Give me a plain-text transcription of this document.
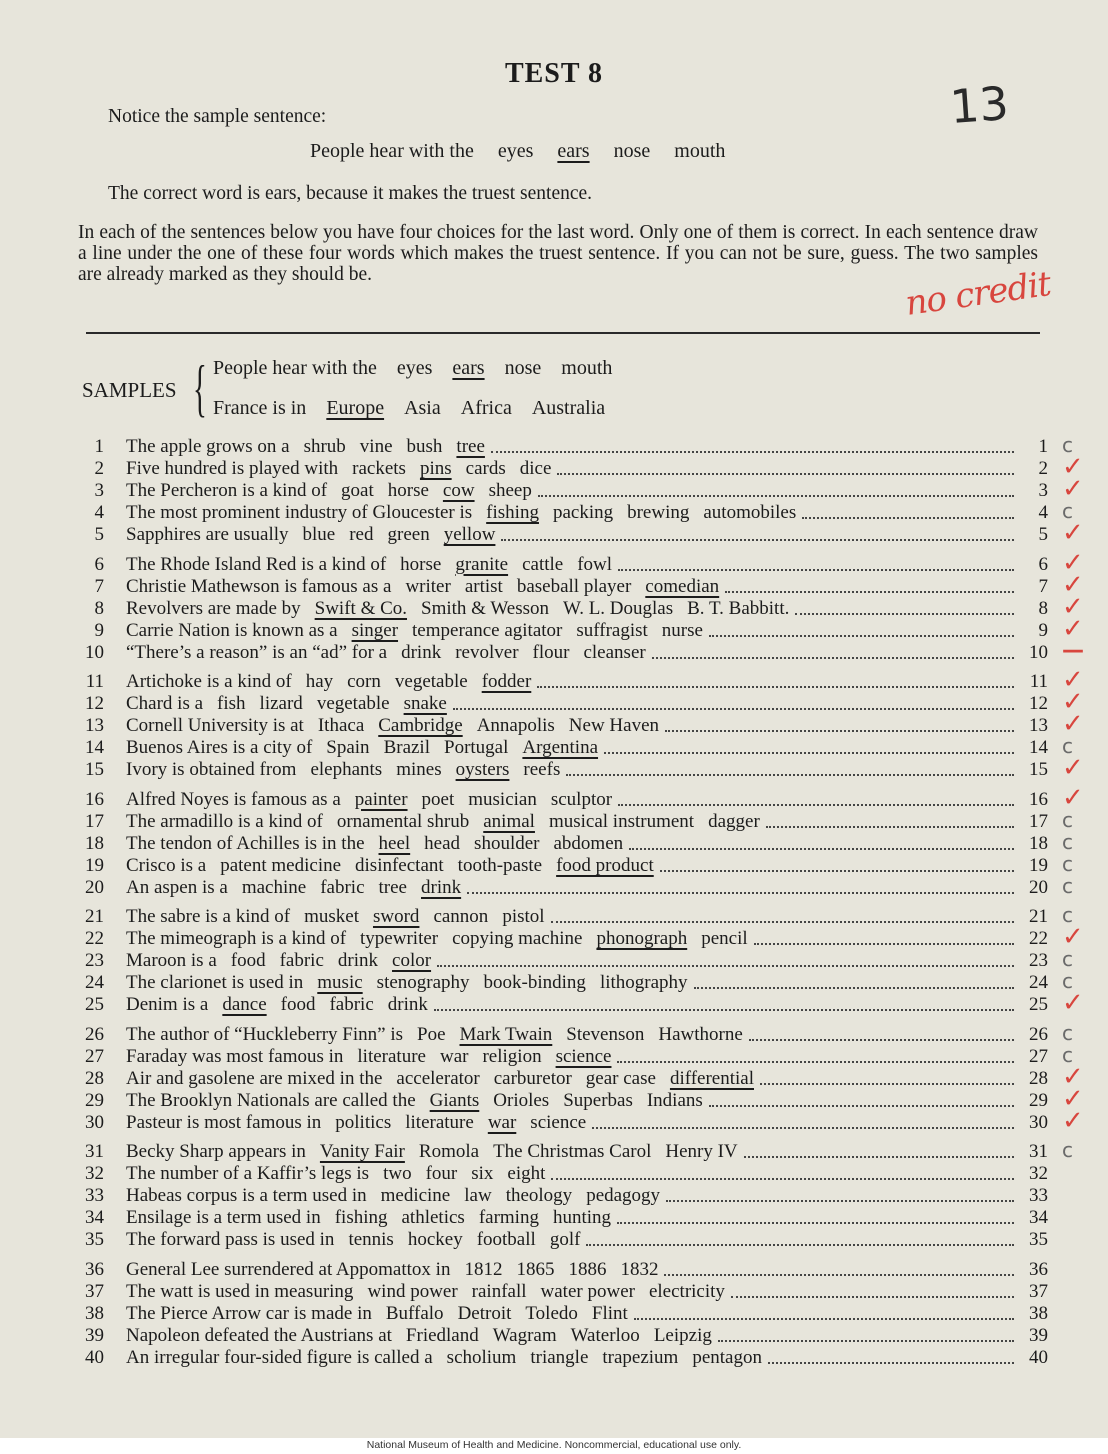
TEST 8
13
Notice the sample sentence:
People hear with the eyes ears nose mouth
The correct word is ears, because it makes the truest sentence.
In each of the sentences below you have four choices for the last word. Only one of them is correct. In each sentence draw a line under the one of these four words which makes the truest sentence. If you can not be sure, guess. The two samples are already marked as they should be.	no credit
SAMPLES { People hear with the eyes ears nose mouth
France is in Europe Asia Africa Australia
1 The apple grows on a shrub vine bush tree	1 c
2 Five hundred is played with rackets pins cards dice	2 ✓
3 The Percheron is a kind of goat horse cow sheep	3 ✓
4 The most prominent industry of Gloucester is fishing packing brewing automobiles	4 c
5 Sapphires are usually blue red green yellow	5 ✓
6 The Rhode Island Red is a kind of horse granite cattle fowl	6 ✓
7 Christie Mathewson is famous as a writer artist baseball player comedian	7 ✓
8 Revolvers are made by Swift & Co. Smith & Wesson W. L. Douglas B. T. Babbitt.	8 ✓
9 Carrie Nation is known as a singer temperance agitator suffragist nurse	9 ✓
10 “There’s a reason” is an “ad” for a drink revolver flour cleanser	10 —
11 Artichoke is a kind of hay corn vegetable fodder	11 ✓
12 Chard is a fish lizard vegetable snake	12 ✓
13 Cornell University is at Ithaca Cambridge Annapolis New Haven	13 ✓
14 Buenos Aires is a city of Spain Brazil Portugal Argentina	14 c
15 Ivory is obtained from elephants mines oysters reefs	15 ✓
16 Alfred Noyes is famous as a painter poet musician sculptor	16 ✓
17 The armadillo is a kind of ornamental shrub animal musical instrument dagger	17 c
18 The tendon of Achilles is in the heel head shoulder abdomen	18 c
19 Crisco is a patent medicine disinfectant tooth-paste food product	19 c
20 An aspen is a machine fabric tree drink	20 c
21 The sabre is a kind of musket sword cannon pistol	21 c
22 The mimeograph is a kind of typewriter copying machine phonograph pencil	22 ✓
23 Maroon is a food fabric drink color	23 c
24 The clarionet is used in music stenography book-binding lithography	24 c
25 Denim is a dance food fabric drink	25 ✓
26 The author of “Huckleberry Finn” is Poe Mark Twain Stevenson Hawthorne	26 c
27 Faraday was most famous in literature war religion science	27 c
28 Air and gasolene are mixed in the accelerator carburetor gear case differential	28 ✓
29 The Brooklyn Nationals are called the Giants Orioles Superbas Indians	29 ✓
30 Pasteur is most famous in politics literature war science	30 ✓
31 Becky Sharp appears in Vanity Fair Romola The Christmas Carol Henry IV	31 c
32 The number of a Kaffir’s legs is two four six eight	32
33 Habeas corpus is a term used in medicine law theology pedagogy	33
34 Ensilage is a term used in fishing athletics farming hunting	34
35 The forward pass is used in tennis hockey football golf	35
36 General Lee surrendered at Appomattox in 1812 1865 1886 1832	36
37 The watt is used in measuring wind power rainfall water power electricity	37
38 The Pierce Arrow car is made in Buffalo Detroit Toledo Flint	38
39 Napoleon defeated the Austrians at Friedland Wagram Waterloo Leipzig	39
40 An irregular four-sided figure is called a scholium triangle trapezium pentagon	40
National Museum of Health and Medicine. Noncommercial, educational use only.
